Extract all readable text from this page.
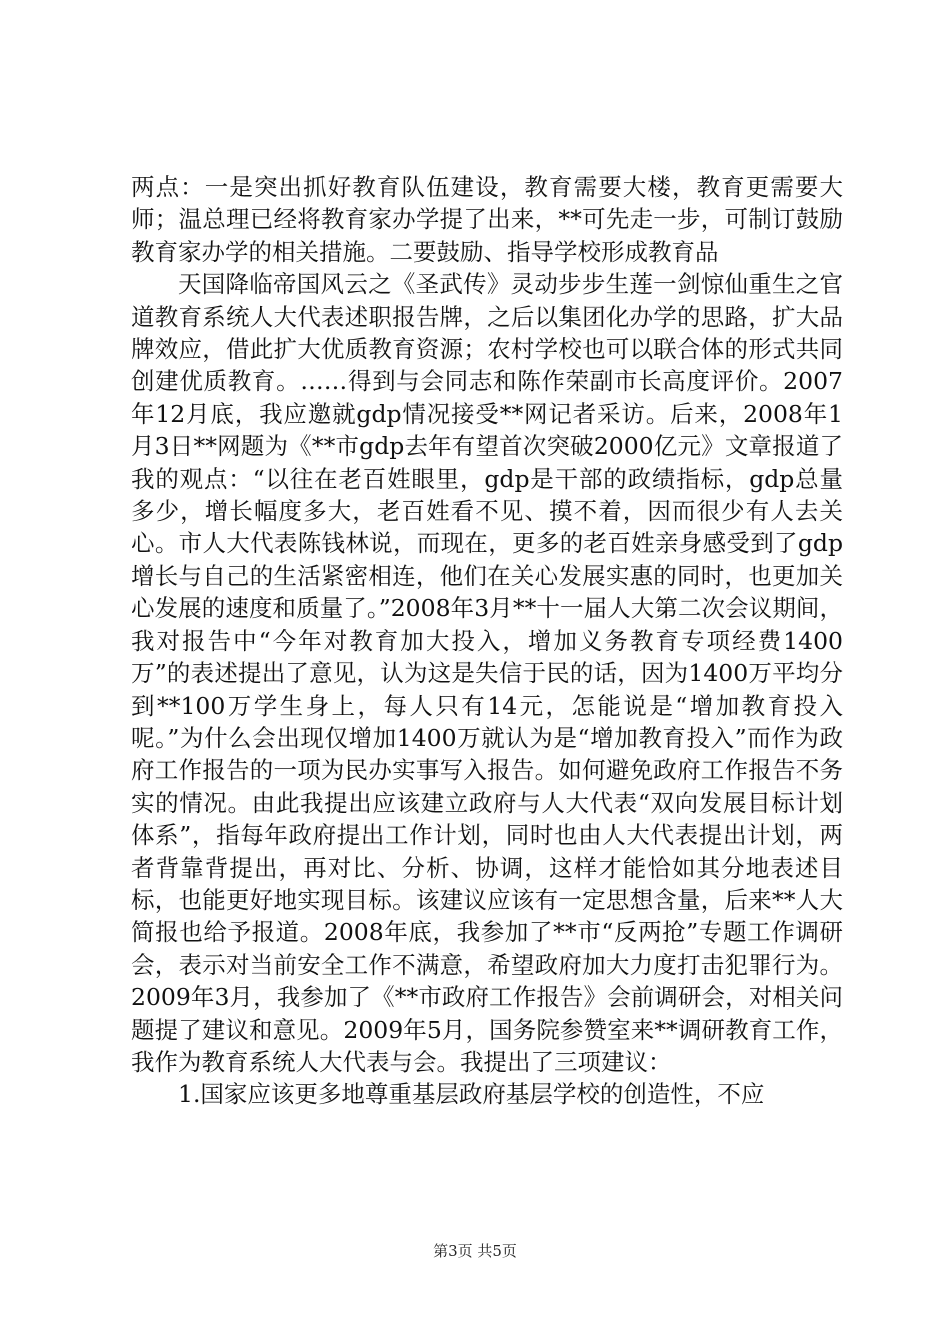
两点：一是突出抓好教育队伍建设，教育需要大楼，教育更需要大师；温总理已经将教育家办学提了出来，**可先走一步，可制订鼓励教育家办学的相关措施。二要鼓励、指导学校形成教育品

天国降临帝国风云之《圣武传》灵动步步生莲一剑惊仙重生之官道教育系统人大代表述职报告牌，之后以集团化办学的思路，扩大品牌效应，借此扩大优质教育资源；农村学校也可以联合体的形式共同创建优质教育。……得到与会同志和陈作荣副市长高度评价。2007年12月底，我应邀就gdp情况接受**网记者采访。后来，2008年1月3日**网题为《**市gdp去年有望首次突破2000亿元》文章报道了我的观点：“以往在老百姓眼里，gdp是干部的政绩指标，gdp总量多少，增长幅度多大，老百姓看不见、摸不着，因而很少有人去关心。市人大代表陈钱林说，而现在，更多的老百姓亲身感受到了gdp增长与自己的生活紧密相连，他们在关心发展实惠的同时，也更加关心发展的速度和质量了。”2008年3月**十一届人大第二次会议期间，我对报告中“今年对教育加大投入，增加义务教育专项经费1400万”的表述提出了意见，认为这是失信于民的话，因为1400万平均分到**100万学生身上，每人只有14元，怎能说是“增加教育投入呢。”为什么会出现仅增加1400万就认为是“增加教育投入”而作为政府工作报告的一项为民办实事写入报告。如何避免政府工作报告不务实的情况。由此我提出应该建立政府与人大代表“双向发展目标计划体系”，指每年政府提出工作计划，同时也由人大代表提出计划，两者背靠背提出，再对比、分析、协调，这样才能恰如其分地表述目标，也能更好地实现目标。该建议应该有一定思想含量，后来**人大简报也给予报道。2008年底，我参加了**市“反两抢”专题工作调研会，表示对当前安全工作不满意，希望政府加大力度打击犯罪行为。2009年3月，我参加了《**市政府工作报告》会前调研会，对相关问题提了建议和意见。2009年5月，国务院参赞室来**调研教育工作，我作为教育系统人大代表与会。我提出了三项建议：

1.国家应该更多地尊重基层政府基层学校的创造性，不应

第3页 共5页
